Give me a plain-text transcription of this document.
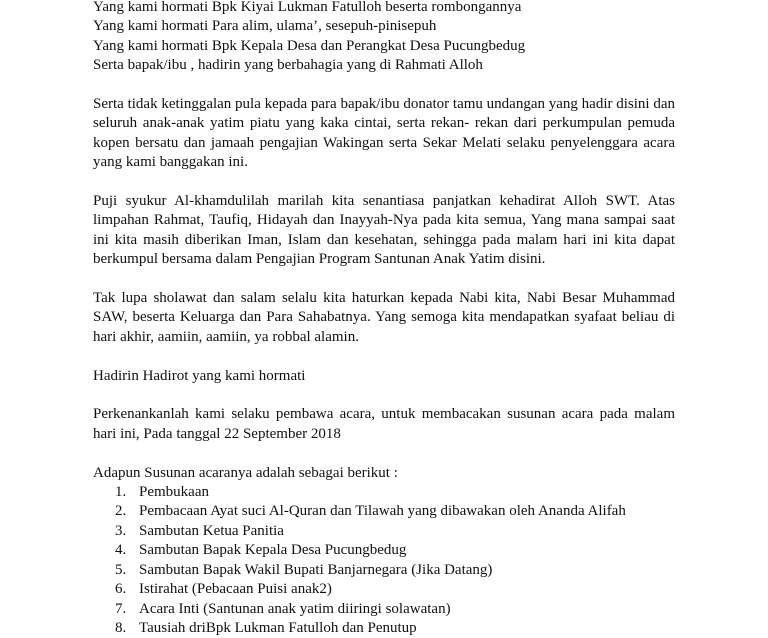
Yang kami hormati Bpk Kiyai Lukman Fatulloh beserta rombongannya
Yang kami hormati Para alim, ulama’, sesepuh-pinisepuh
Yang kami hormati Bpk Kepala Desa dan Perangkat Desa Pucungbedug
Serta bapak/ibu , hadirin yang berbahagia yang di Rahmati Alloh

Serta tidak ketinggalan pula kepada para bapak/ibu donator tamu undangan yang hadir disini dan seluruh anak-anak yatim piatu yang kaka cintai, serta rekan- rekan dari perkumpulan pemuda kopen bersatu dan jamaah pengajian Wakingan serta Sekar Melati selaku penyelenggara acara yang kami banggakan ini.

Puji syukur Al-khamdulilah marilah kita senantiasa panjatkan kehadirat Alloh SWT. Atas limpahan Rahmat, Taufiq, Hidayah dan Inayyah-Nya pada kita semua, Yang mana sampai saat ini kita masih diberikan Iman, Islam dan kesehatan, sehingga pada malam hari ini kita dapat berkumpul bersama dalam Pengajian Program Santunan Anak Yatim disini.

Tak lupa sholawat dan salam selalu kita haturkan kepada Nabi kita, Nabi Besar Muhammad SAW, beserta Keluarga dan Para Sahabatnya. Yang semoga kita mendapatkan syafaat beliau di hari akhir, aamiin, aamiin, ya robbal alamin.

Hadirin Hadirot yang kami hormati

Perkenankanlah kami selaku pembawa acara, untuk membacakan susunan acara pada malam hari ini, Pada tanggal 22 September 2018

Adapun Susunan acaranya adalah sebagai berikut :

1. Pembukaan
2. Pembacaan Ayat suci Al-Quran dan Tilawah yang dibawakan oleh Ananda Alifah
3. Sambutan Ketua Panitia
4. Sambutan Bapak Kepala Desa Pucungbedug
5. Sambutan Bapak Wakil Bupati Banjarnegara (Jika Datang)
6. Istirahat (Pebacaan Puisi anak2)
7. Acara Inti (Santunan anak yatim diiringi solawatan)
8. Tausiah driBpk Lukman Fatulloh dan Penutup
